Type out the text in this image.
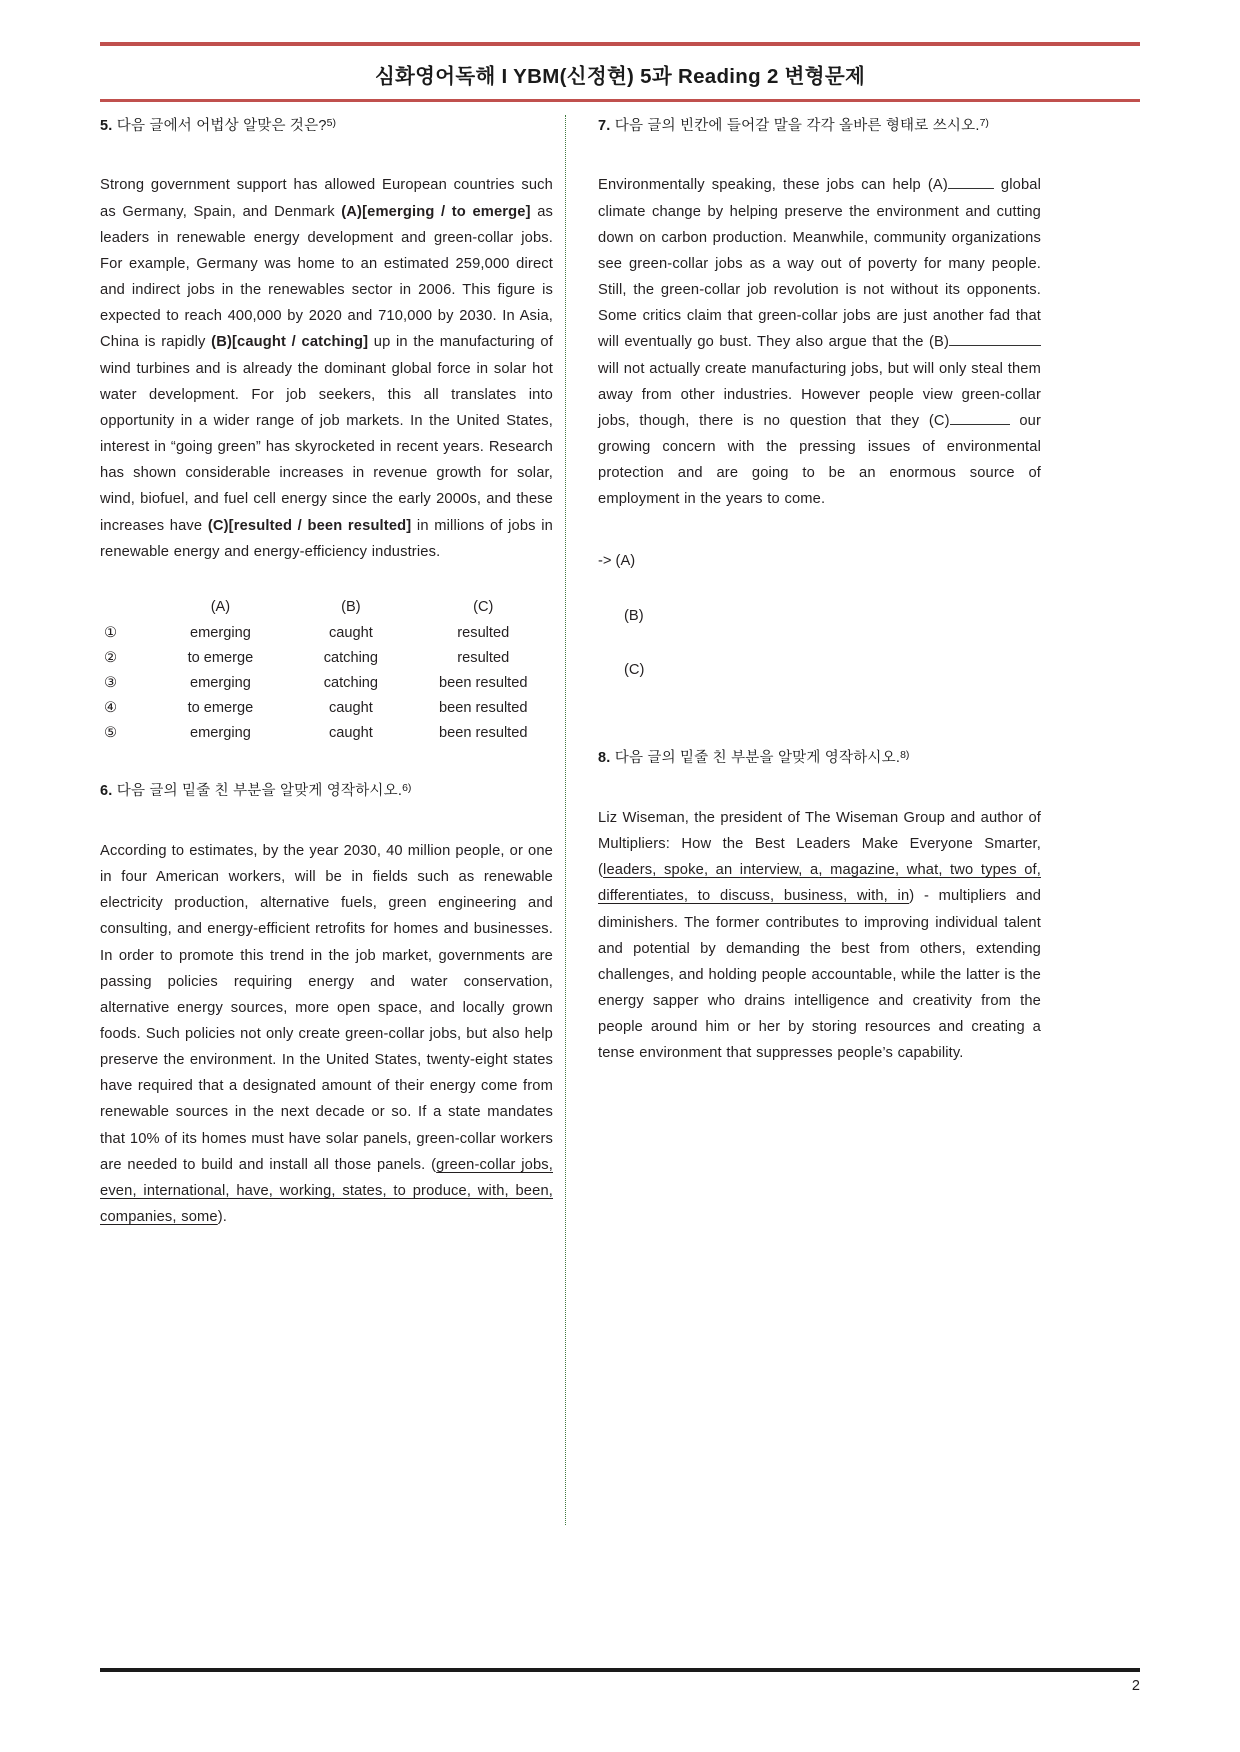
심화영어독해 I YBM(신정현) 5과 Reading 2 변형문제

5. 다음 글에서 어법상 알맞은 것은?$^{5)}$

Strong government support has allowed European countries such as Germany, Spain, and Denmark (A)[emerging / to emerge] as leaders in renewable energy development and green-collar jobs. For example, Germany was home to an estimated 259,000 direct and indirect jobs in the renewables sector in 2006. This figure is expected to reach 400,000 by 2020 and 710,000 by 2030. In Asia, China is rapidly (B)[caught / catching] up in the manufacturing of wind turbines and is already the dominant global force in solar hot water development. For job seekers, this all translates into opportunity in a wider range of job markets. In the United States, interest in “going green” has skyrocketed in recent years. Research has shown considerable increases in revenue growth for solar, wind, biofuel, and fuel cell energy since the early 2000s, and these increases have (C)[resulted / been resulted] in millions of jobs in renewable energy and energy-efficiency industries.

	(A)	(B)	(C)
①	emerging	caught	resulted
②	to emerge	catching	resulted
③	emerging	catching	been resulted
④	to emerge	caught	been resulted
⑤	emerging	caught	been resulted

6. 다음 글의 밑줄 친 부분을 알맞게 영작하시오.$^{6)}$

According to estimates, by the year 2030, 40 million people, or one in four American workers, will be in fields such as renewable electricity production, alternative fuels, green engineering and consulting, and energy-efficient retrofits for homes and businesses. In order to promote this trend in the job market, governments are passing policies requiring energy and water conservation, alternative energy sources, more open space, and locally grown foods. Such policies not only create green-collar jobs, but also help preserve the environment. In the United States, twenty-eight states have required that a designated amount of their energy come from renewable sources in the next decade or so. If a state mandates that 10% of its homes must have solar panels, green-collar workers are needed to build and install all those panels. (green-collar jobs, even, international, have, working, states, to produce, with, been, companies, some).

7. 다음 글의 빈칸에 들어갈 말을 각각 올바른 형태로 쓰시오.$^{7)}$

Environmentally speaking, these jobs can help (A)	global climate change by helping preserve the environment and cutting down on carbon production. Meanwhile, community organizations see green-collar jobs as a way out of poverty for many people. Still, the green-collar job revolution is not without its opponents. Some critics claim that green-collar jobs are just another fad that will eventually go bust. They also argue that the (B) will not actually create manufacturing jobs, but will only steal them away from other industries. However people view green-collar jobs, though, there is no question that they (C)	our growing concern with the pressing issues of environmental protection and are going to be an enormous source of employment in the years to come.

-> (A)
(B)
(C)

8. 다음 글의 밑줄 친 부분을 알맞게 영작하시오.$^{8)}$

Liz Wiseman, the president of The Wiseman Group and author of Multipliers: How the Best Leaders Make Everyone Smarter, (leaders, spoke, an interview, a, magazine, what, two types of, differentiates, to discuss, business, with, in) - multipliers and diminishers. The former contributes to improving individual talent and potential by demanding the best from others, extending challenges, and holding people accountable, while the latter is the energy sapper who drains intelligence and creativity from the people around him or her by storing resources and creating a tense environment that suppresses people’s capability.

2
